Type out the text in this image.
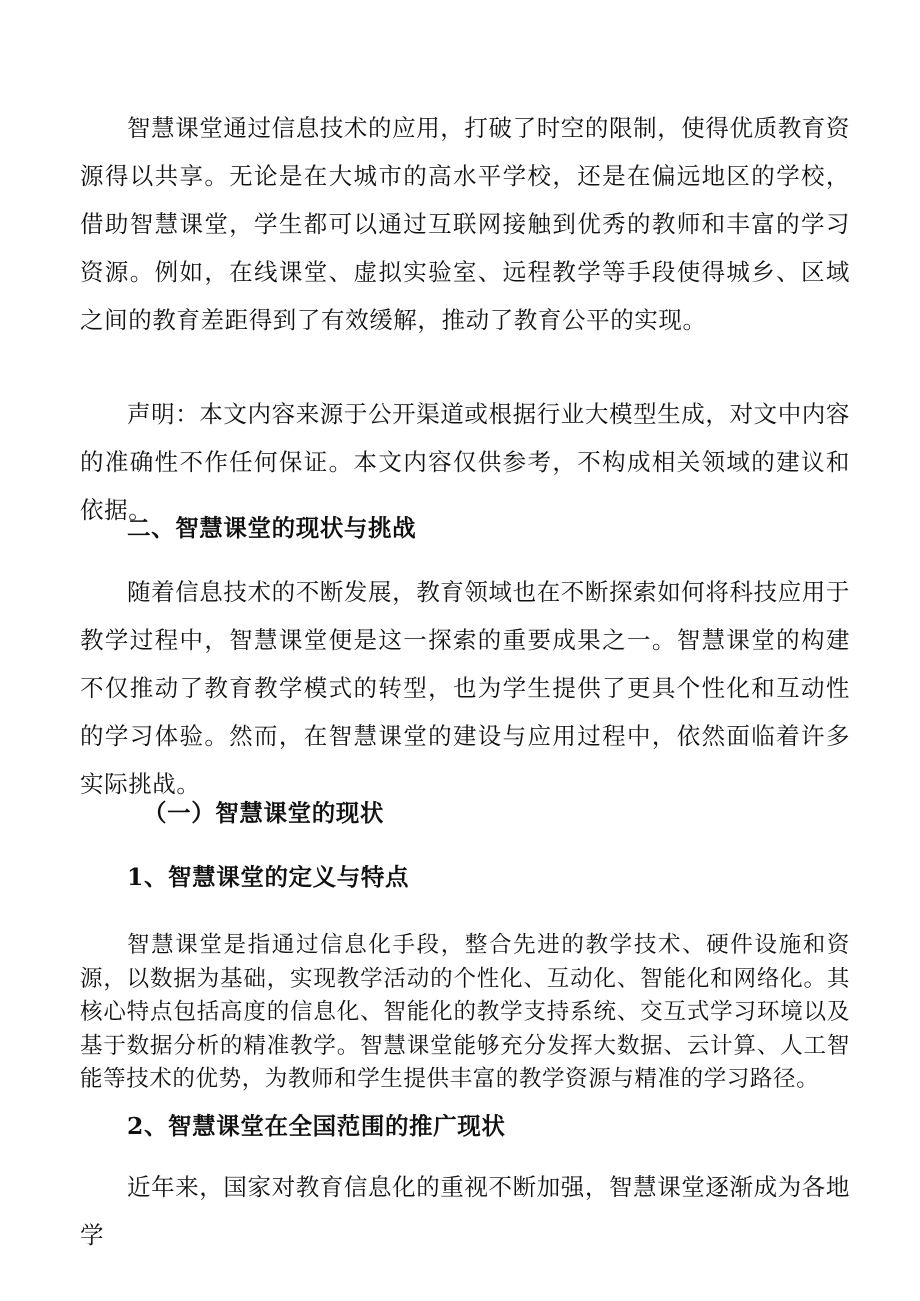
智慧课堂通过信息技术的应用，打破了时空的限制，使得优质教育资源得以共享。无论是在大城市的高水平学校，还是在偏远地区的学校，借助智慧课堂，学生都可以通过互联网接触到优秀的教师和丰富的学习资源。例如，在线课堂、虚拟实验室、远程教学等手段使得城乡、区域之间的教育差距得到了有效缓解，推动了教育公平的实现。

声明：本文内容来源于公开渠道或根据行业大模型生成，对文中内容的准确性不作任何保证。本文内容仅供参考，不构成相关领域的建议和依据。

二、智慧课堂的现状与挑战

随着信息技术的不断发展，教育领域也在不断探索如何将科技应用于教学过程中，智慧课堂便是这一探索的重要成果之一。智慧课堂的构建不仅推动了教育教学模式的转型，也为学生提供了更具个性化和互动性的学习体验。然而，在智慧课堂的建设与应用过程中，依然面临着许多实际挑战。

（一）智慧课堂的现状
1、智慧课堂的定义与特点

智慧课堂是指通过信息化手段，整合先进的教学技术、硬件设施和资源，以数据为基础，实现教学活动的个性化、互动化、智能化和网络化。其核心特点包括高度的信息化、智能化的教学支持系统、交互式学习环境以及基于数据分析的精准教学。智慧课堂能够充分发挥大数据、云计算、人工智能等技术的优势，为教师和学生提供丰富的教学资源与精准的学习路径。

2、智慧课堂在全国范围的推广现状

近年来，国家对教育信息化的重视不断加强，智慧课堂逐渐成为各地学
